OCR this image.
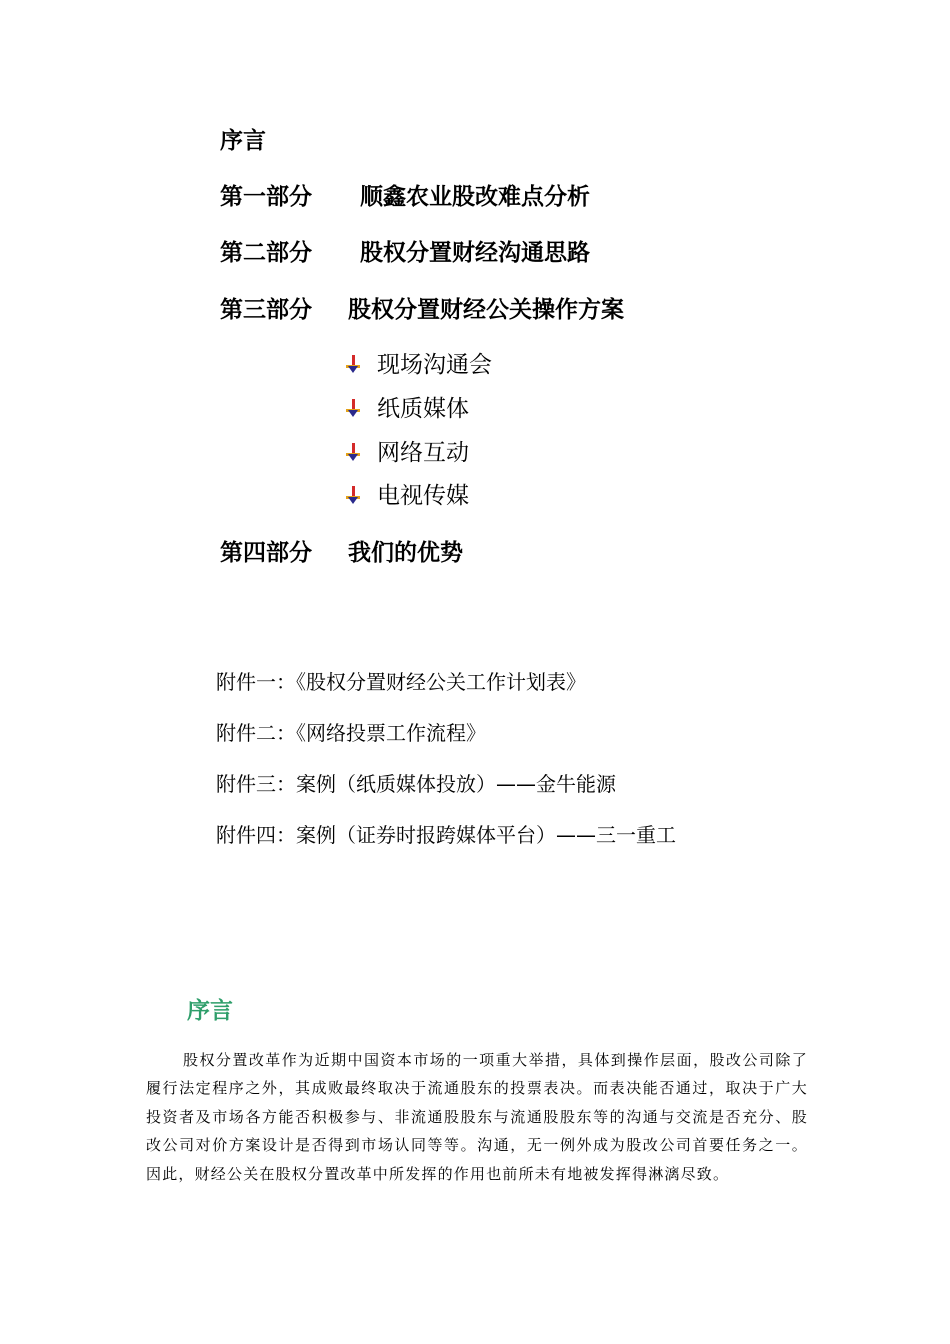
序言
第一部分 顺鑫农业股改难点分析
第二部分 股权分置财经沟通思路
第三部分 股权分置财经公关操作方案
现场沟通会
纸质媒体
网络互动
电视传媒
第四部分 我们的优势
附件一：《股权分置财经公关工作计划表》
附件二：《网络投票工作流程》
附件三：案例（纸质媒体投放）——金牛能源
附件四：案例（证券时报跨媒体平台）——三一重工
序言

股权分置改革作为近期中国资本市场的一项重大举措，具体到操作层面，股改公司除了履行法定程序之外，其成败最终取决于流通股东的投票表决。而表决能否通过，取决于广大投资者及市场各方能否积极参与、非流通股股东与流通股股东等的沟通与交流是否充分、股改公司对价方案设计是否得到市场认同等等。沟通，无一例外成为股改公司首要任务之一。因此，财经公关在股权分置改革中所发挥的作用也前所未有地被发挥得淋漓尽致。
